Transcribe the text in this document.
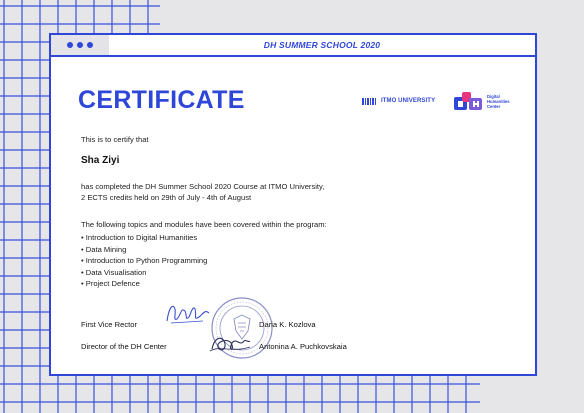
DH SUMMER SCHOOL 2020
CERTIFICATE	ITMO UNIVERSITY
Digital
Humanities
Center
This is to certify that
Sha Ziyi
has completed the DH Summer School 2020 Course at ITMO University,
2 ECTS credits held on 29th of July - 4th of August
The following topics and modules have been covered within the program:
• Introduction to Digital Humanities
• Data Mining
• Introduction to Python Programming
• Data Visualisation
• Project Defence
First Vice Rector	Daria K. Kozlova
Director of the DH Center	Antonina A. Puchkovskaia
